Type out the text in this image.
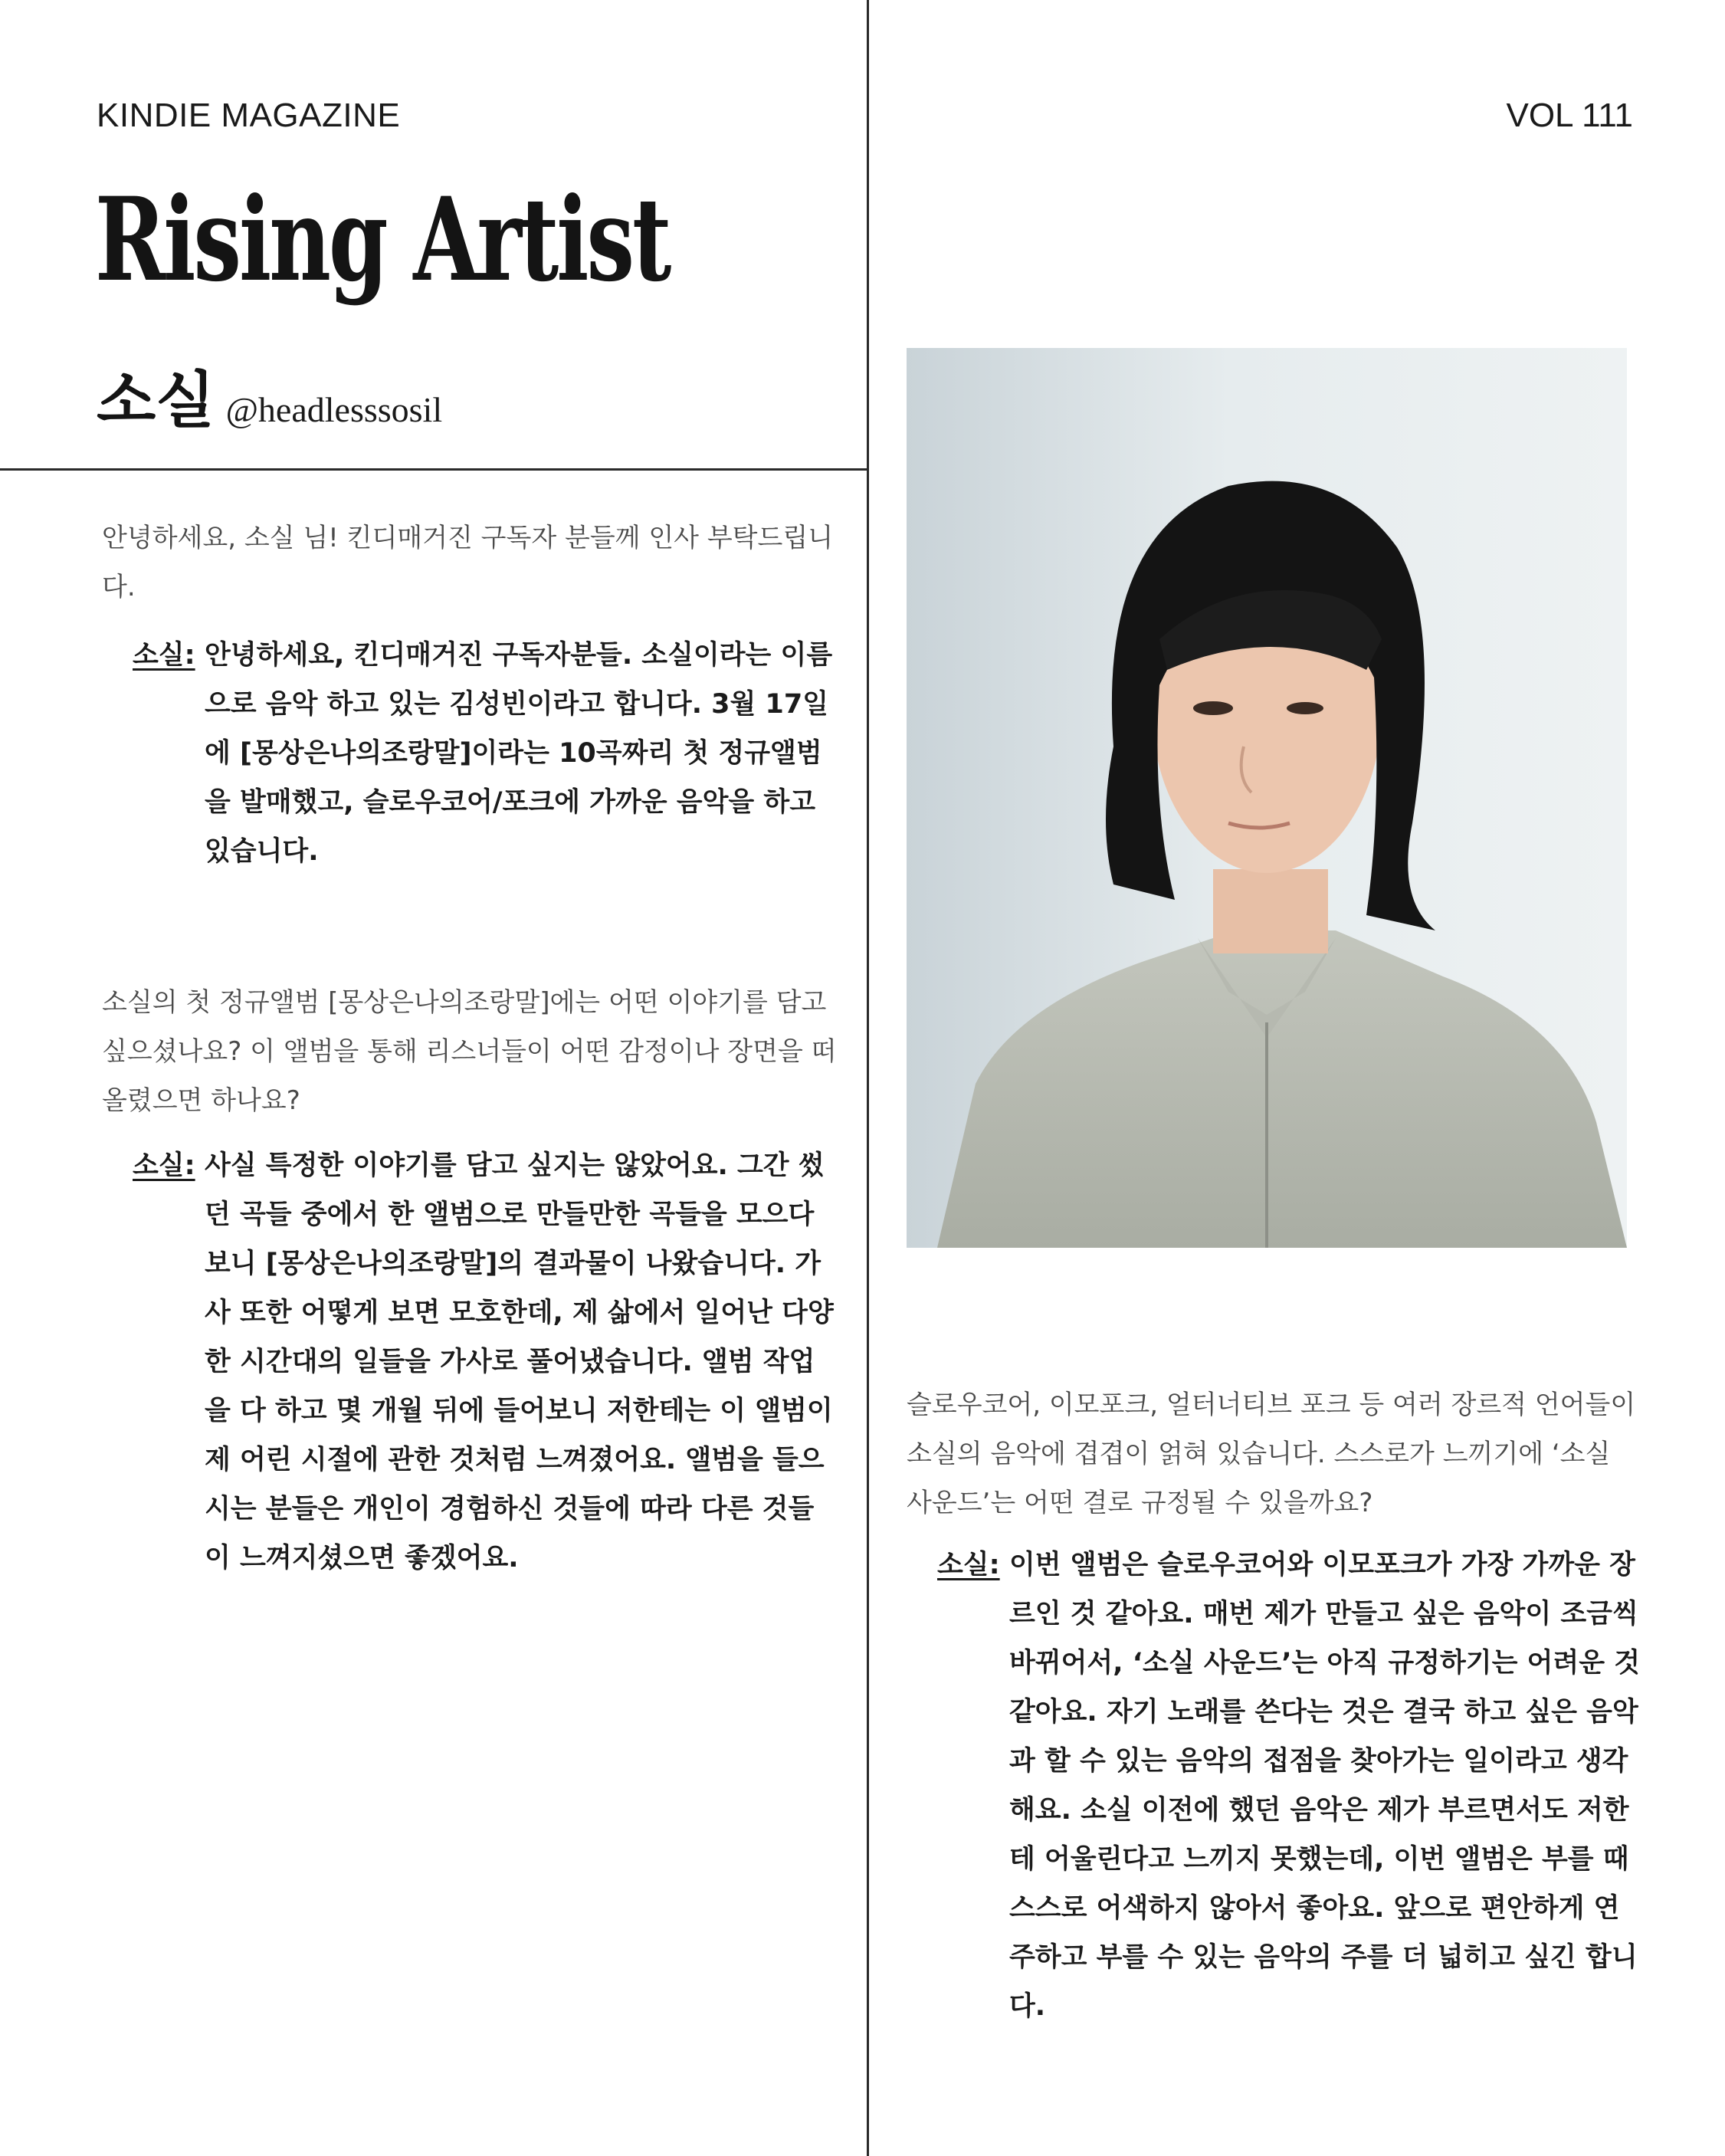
KINDIE MAGAZINE	VOL 111
Rising Artist
소실 @headlesssosil
안녕하세요, 소실 님! 킨디매거진 구독자 분들께 인사 부탁드립니다.
소실: 안녕하세요, 킨디매거진 구독자분들. 소실이라는 이름으로 음악 하고 있는 김성빈이라고 합니다. 3월 17일에 [몽상은나의조랑말]이라는 10곡짜리 첫 정규앨범을 발매했고, 슬로우코어/포크에 가까운 음악을 하고 있습니다.
소실의 첫 정규앨범 [몽상은나의조랑말]에는 어떤 이야기를 담고 싶으셨나요? 이 앨범을 통해 리스너들이 어떤 감정이나 장면을 떠올렸으면 하나요?
소실: 사실 특정한 이야기를 담고 싶지는 않았어요. 그간 썼던 곡들 중에서 한 앨범으로 만들만한 곡들을 모으다보니 [몽상은나의조랑말]의 결과물이 나왔습니다. 가사 또한 어떻게 보면 모호한데, 제 삶에서 일어난 다양한 시간대의 일들을 가사로 풀어냈습니다. 앨범 작업을 다 하고 몇 개월 뒤에 들어보니 저한테는 이 앨범이 제 어린 시절에 관한 것처럼 느껴졌어요. 앨범을 들으시는 분들은 개인이 경험하신 것들에 따라 다른 것들이 느껴지셨으면 좋겠어요.
슬로우코어, 이모포크, 얼터너티브 포크 등 여러 장르적 언어들이 소실의 음악에 겹겹이 얽혀 있습니다. 스스로가 느끼기에 ‘소실 사운드’는 어떤 결로 규정될 수 있을까요?
소실: 이번 앨범은 슬로우코어와 이모포크가 가장 가까운 장르인 것 같아요. 매번 제가 만들고 싶은 음악이 조금씩 바뀌어서, ‘소실 사운드’는 아직 규정하기는 어려운 것 같아요. 자기 노래를 쓴다는 것은 결국 하고 싶은 음악과 할 수 있는 음악의 접점을 찾아가는 일이라고 생각해요. 소실 이전에 했던 음악은 제가 부르면서도 저한테 어울린다고 느끼지 못했는데, 이번 앨범은 부를 때 스스로 어색하지 않아서 좋아요. 앞으로 편안하게 연주하고 부를 수 있는 음악의 주를 더 넓히고 싶긴 합니다.
